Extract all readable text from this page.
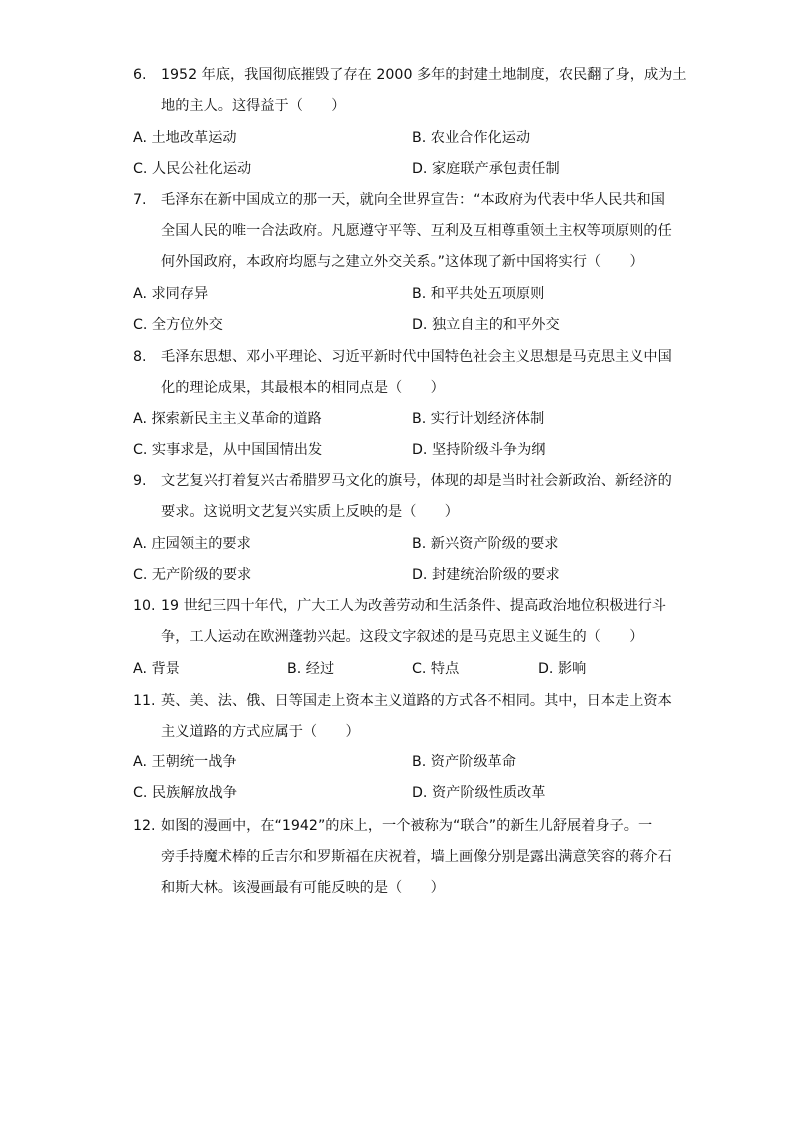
6. 1952 年底，我国彻底摧毁了存在 2000 多年的封建土地制度，农民翻了身，成为土
地的主人。这得益于（　　）
A. 土地改革运动	B. 农业合作化运动
C. 人民公社化运动	D. 家庭联产承包责任制
7. 毛泽东在新中国成立的那一天，就向全世界宣告：“本政府为代表中华人民共和国
全国人民的唯一合法政府。凡愿遵守平等、互利及互相尊重领土主权等项原则的任
何外国政府，本政府均愿与之建立外交关系。”这体现了新中国将实行（　　）
A. 求同存异	B. 和平共处五项原则
C. 全方位外交	D. 独立自主的和平外交
8. 毛泽东思想、邓小平理论、习近平新时代中国特色社会主义思想是马克思主义中国
化的理论成果，其最根本的相同点是（　　）
A. 探索新民主主义革命的道路	B. 实行计划经济体制
C. 实事求是，从中国国情出发	D. 坚持阶级斗争为纲
9. 文艺复兴打着复兴古希腊罗马文化的旗号，体现的却是当时社会新政治、新经济的
要求。这说明文艺复兴实质上反映的是（　　）
A. 庄园领主的要求	B. 新兴资产阶级的要求
C. 无产阶级的要求	D. 封建统治阶级的要求
10. 19 世纪三四十年代，广大工人为改善劳动和生活条件、提高政治地位积极进行斗
争，工人运动在欧洲蓬勃兴起。这段文字叙述的是马克思主义诞生的（　　）
A. 背景	B. 经过	C. 特点	D. 影响
11. 英、美、法、俄、日等国走上资本主义道路的方式各不相同。其中，日本走上资本
主义道路的方式应属于（　　）
A. 王朝统一战争	B. 资产阶级革命
C. 民族解放战争	D. 资产阶级性质改革
12. 如图的漫画中，在“1942”的床上，一个被称为“联合”的新生儿舒展着身子。一
旁手持魔术棒的丘吉尔和罗斯福在庆祝着，墙上画像分别是露出满意笑容的蒋介石
和斯大林。该漫画最有可能反映的是（　　）
